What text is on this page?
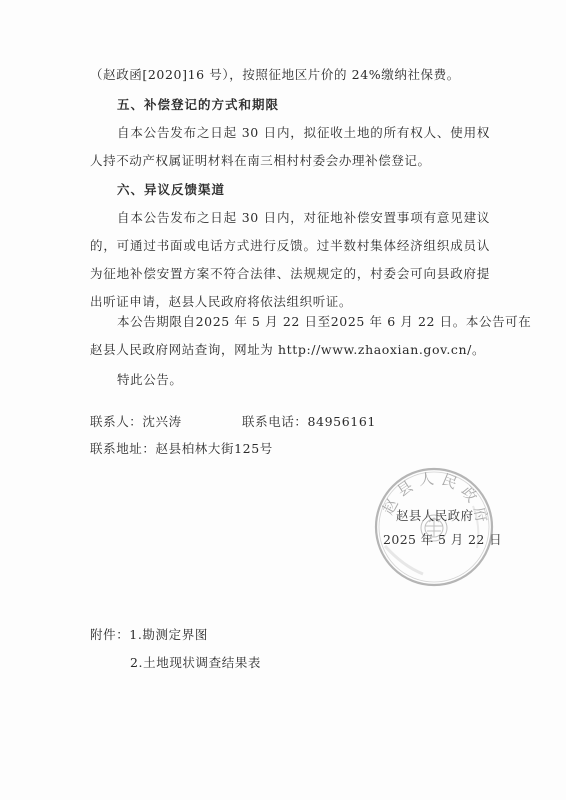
（赵政函[2020]16 号），按照征地区片价的 24%缴纳社保费。
五、补偿登记的方式和期限
自本公告发布之日起 30 日内，拟征收土地的所有权人、使用权
人持不动产权属证明材料在南三相村村委会办理补偿登记。
六、异议反馈渠道
自本公告发布之日起 30 日内，对征地补偿安置事项有意见建议
的，可通过书面或电话方式进行反馈。过半数村集体经济组织成员认
为征地补偿安置方案不符合法律、法规规定的，村委会可向县政府提
出听证申请，赵县人民政府将依法组织听证。
本公告期限自2025 年 5 月 22 日至2025 年 6 月 22 日。本公告可在
赵县人民政府网站查询，网址为 http://www.zhaoxian.gov.cn/。
特此公告。
联系人：沈兴涛	联系电话：84956161
联系地址：赵县柏林大街125号
赵县人民政府
赵县人民政府
2025 年 5 月 22 日
附件：1.勘测定界图
2.土地现状调查结果表
